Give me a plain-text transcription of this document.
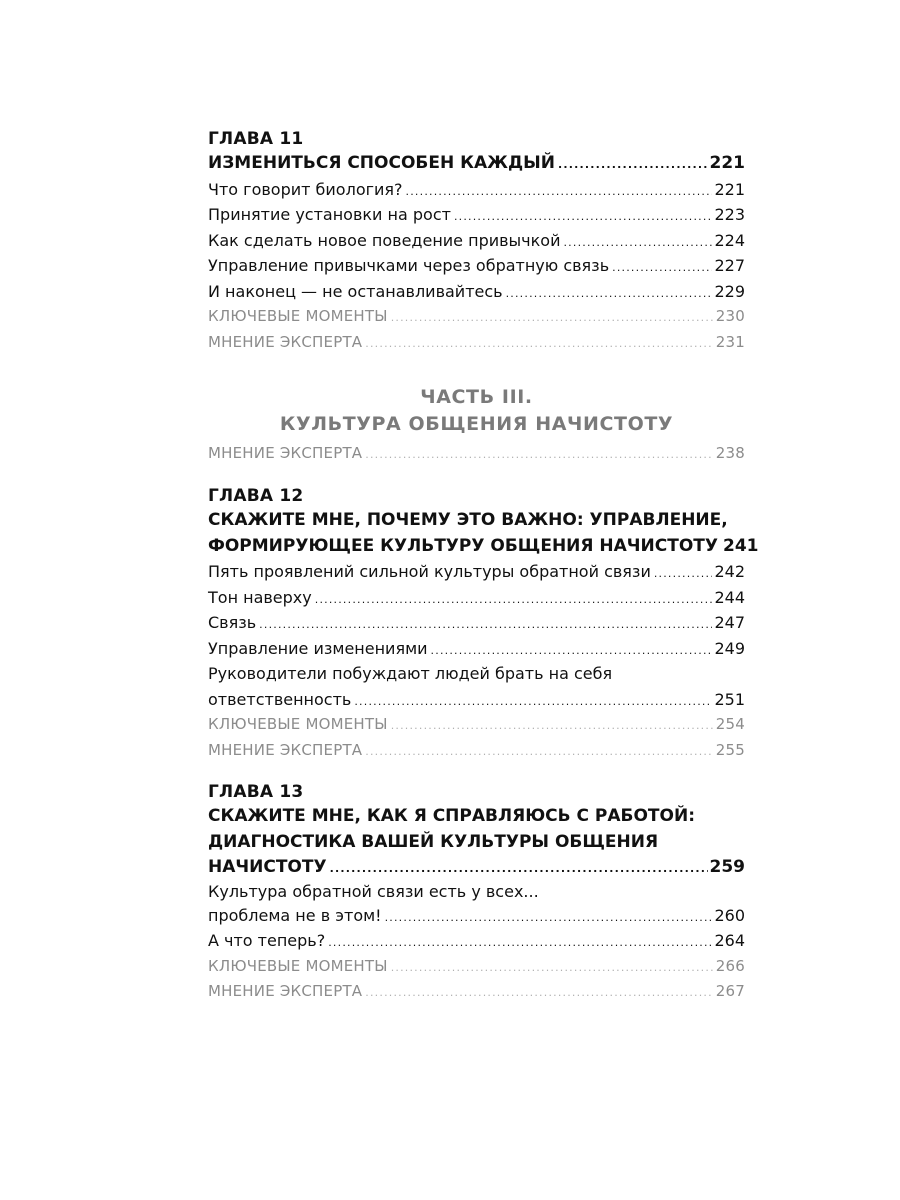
ГЛАВА 11
ИЗМЕНИТЬСЯ СПОСОБЕН КАЖДЫЙ .....	221
Что говорит биология? .....	221
Принятие установки на рост .....	223
Как сделать новое поведение привычкой .....	224
Управление привычками через обратную связь .....	227
И наконец — не останавливайтесь .....	229
КЛЮЧЕВЫЕ МОМЕНТЫ .....	230
МНЕНИЕ ЭКСПЕРТА .....	231
ЧАСТЬ III.
КУЛЬТУРА ОБЩЕНИЯ НАЧИСТОТУ
МНЕНИЕ ЭКСПЕРТА .....	238
ГЛАВА 12
СКАЖИТЕ МНЕ, ПОЧЕМУ ЭТО ВАЖНО: УПРАВЛЕНИЕ,
ФОРМИРУЮЩЕЕ КУЛЬТУРУ ОБЩЕНИЯ НАЧИСТОТУ 241
Пять проявлений сильной культуры обратной связи .....	242
Тон наверху .....	244
Связь .....	247
Управление изменениями .....	249
Руководители побуждают людей брать на себя
ответственность .....	251
КЛЮЧЕВЫЕ МОМЕНТЫ .....	254
МНЕНИЕ ЭКСПЕРТА .....	255
ГЛАВА 13
СКАЖИТЕ МНЕ, КАК Я СПРАВЛЯЮСЬ С РАБОТОЙ:
ДИАГНОСТИКА ВАШЕЙ КУЛЬТУРЫ ОБЩЕНИЯ
НАЧИСТОТУ .....	259
Культура обратной связи есть у всех...
проблема не в этом! .....	260
А что теперь? .....	264
КЛЮЧЕВЫЕ МОМЕНТЫ .....	266
МНЕНИЕ ЭКСПЕРТА .....	267
